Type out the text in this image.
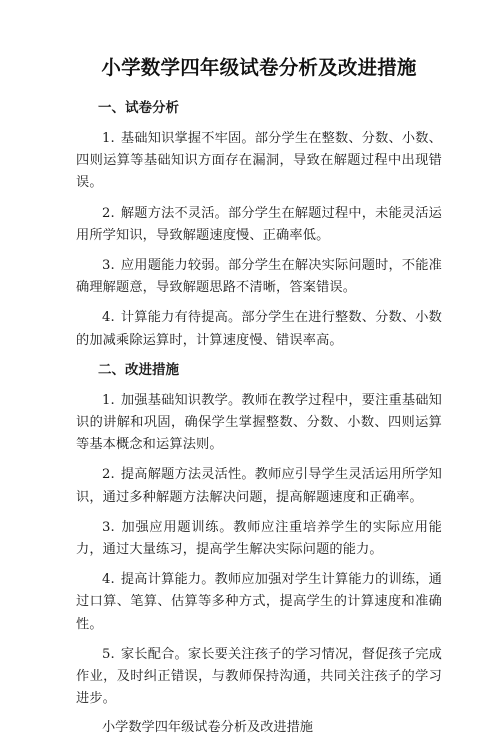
小学数学四年级试卷分析及改进措施
一、试卷分析

1. 基础知识掌握不牢固。部分学生在整数、分数、小数、四则运算等基础知识方面存在漏洞，导致在解题过程中出现错误。

2. 解题方法不灵活。部分学生在解题过程中，未能灵活运用所学知识，导致解题速度慢、正确率低。

3. 应用题能力较弱。部分学生在解决实际问题时，不能准确理解题意，导致解题思路不清晰，答案错误。

4. 计算能力有待提高。部分学生在进行整数、分数、小数的加减乘除运算时，计算速度慢、错误率高。

二、改进措施

1. 加强基础知识教学。教师在教学过程中，要注重基础知识的讲解和巩固，确保学生掌握整数、分数、小数、四则运算等基本概念和运算法则。

2. 提高解题方法灵活性。教师应引导学生灵活运用所学知识，通过多种解题方法解决问题，提高解题速度和正确率。

3. 加强应用题训练。教师应注重培养学生的实际应用能力，通过大量练习，提高学生解决实际问题的能力。

4. 提高计算能力。教师应加强对学生计算能力的训练，通过口算、笔算、估算等多种方式，提高学生的计算速度和准确性。

5. 家长配合。家长要关注孩子的学习情况，督促孩子完成作业，及时纠正错误，与教师保持沟通，共同关注孩子的学习进步。

小学数学四年级试卷分析及改进措施
